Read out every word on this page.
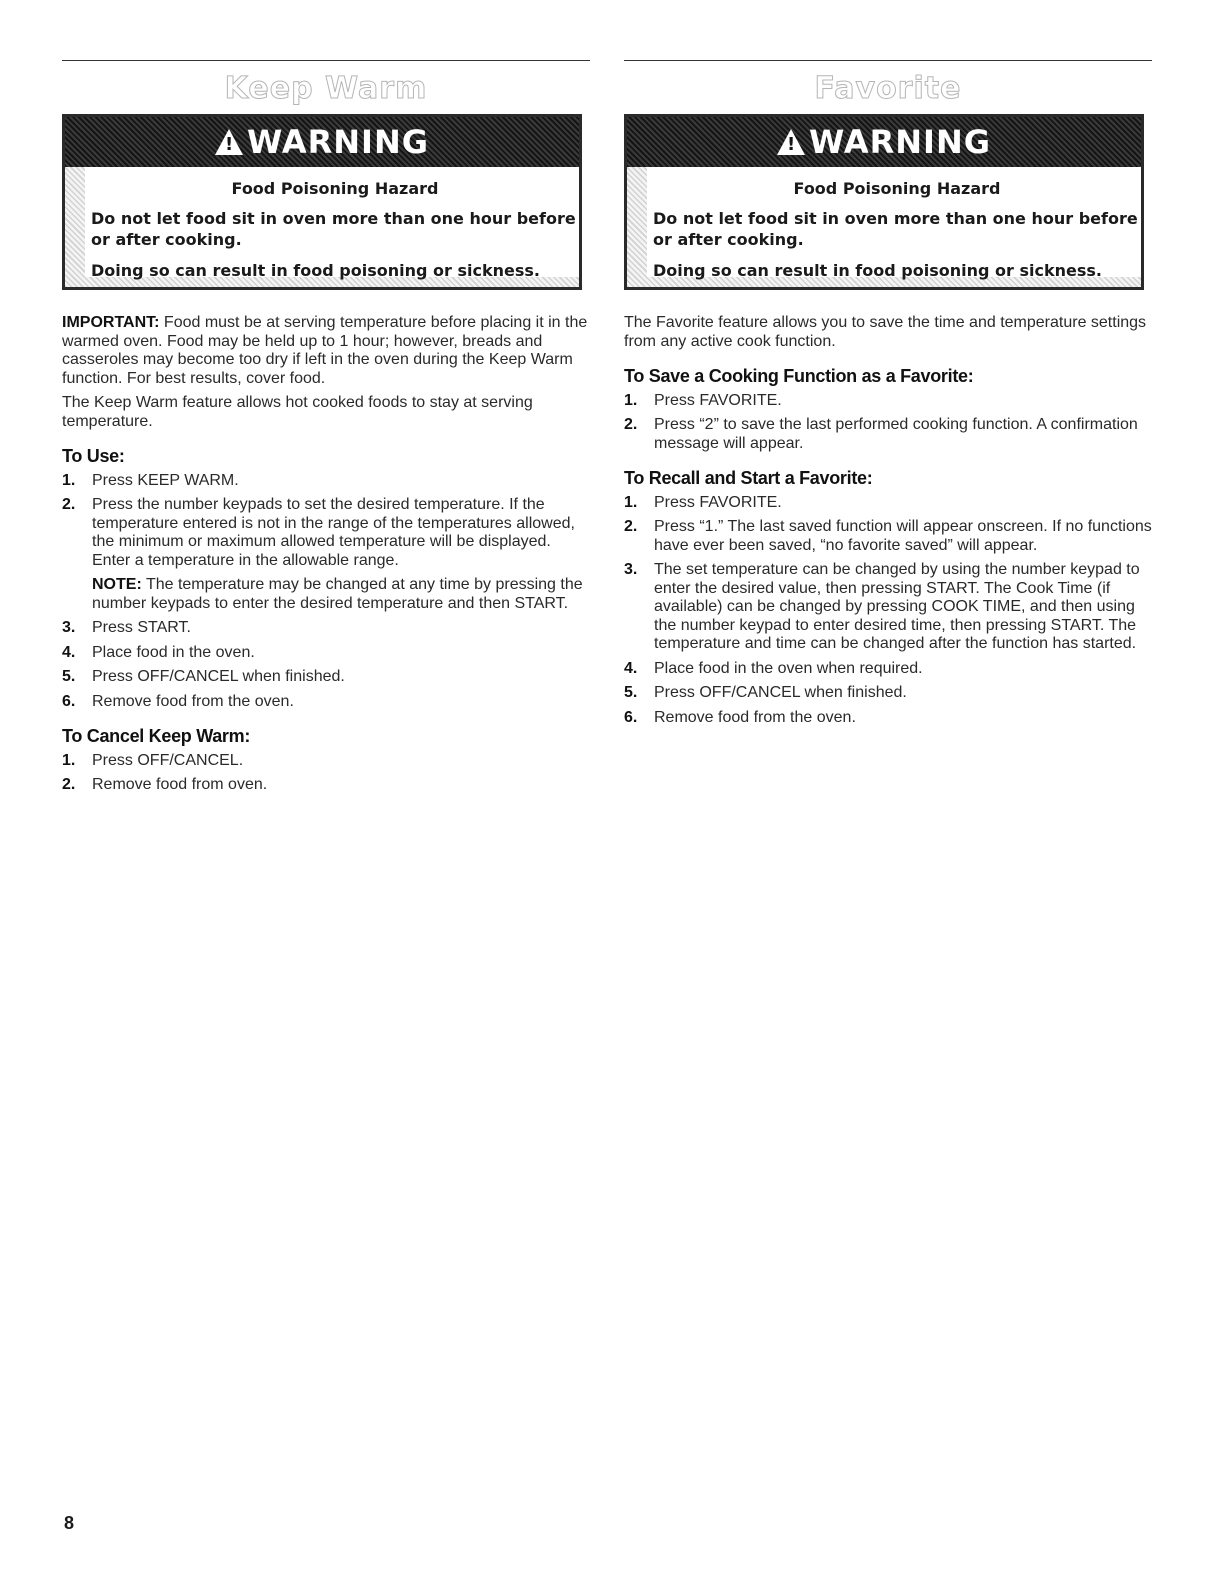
Keep Warm
!
WARNING
Food Poisoning Hazard

Do not let food sit in oven more than one hour before or after cooking.

Doing so can result in food poisoning or sickness.

IMPORTANT: Food must be at serving temperature before placing it in the warmed oven. Food may be held up to 1 hour; however, breads and casseroles may become too dry if left in the oven during the Keep Warm function. For best results, cover food.

The Keep Warm feature allows hot cooked foods to stay at serving temperature.

To Use:
1.	Press KEEP WARM.

2.	Press the number keypads to set the desired temperature. If the temperature entered is not in the range of the temperatures allowed, the minimum or maximum allowed temperature will be displayed. Enter a temperature in the allowable range.

NOTE: The temperature may be changed at any time by pressing the number keypads to enter the desired temperature and then START.

3.	Press START.

4.	Place food in the oven.

5.	Press OFF/CANCEL when finished.

6.	Remove food from the oven.

To Cancel Keep Warm:
1.	Press OFF/CANCEL.

2.	Remove food from oven.

Favorite
!
WARNING
Food Poisoning Hazard

Do not let food sit in oven more than one hour before or after cooking.

Doing so can result in food poisoning or sickness.

The Favorite feature allows you to save the time and temperature settings from any active cook function.

To Save a Cooking Function as a Favorite:
1.	Press FAVORITE.

2.	Press “2” to save the last performed cooking function. A confirmation message will appear.

To Recall and Start a Favorite:
1.	Press FAVORITE.

2.	Press “1.” The last saved function will appear onscreen. If no functions have ever been saved, “no favorite saved” will appear.

3.	The set temperature can be changed by using the number keypad to enter the desired value, then pressing START. The Cook Time (if available) can be changed by pressing COOK TIME, and then using the number keypad to enter desired time, then pressing START. The temperature and time can be changed after the function has started.

4.	Place food in the oven when required.

5.	Press OFF/CANCEL when finished.

6.	Remove food from the oven.

8
